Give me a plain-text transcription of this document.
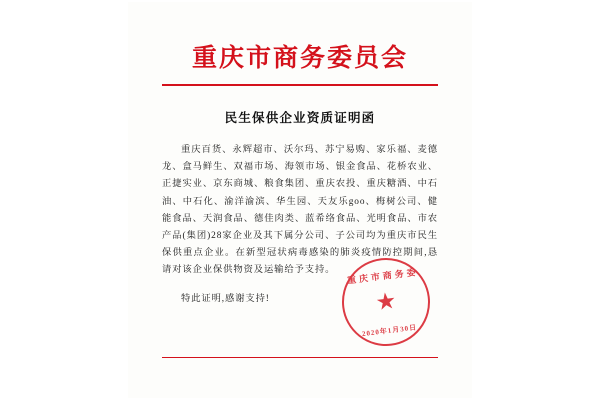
重庆市商务委员会
民生保供企业资质证明函

重庆百货、永辉超市、沃尔玛、苏宁易购、家乐福、麦德龙、盒马鲜生、双福市场、海领市场、银金食品、花桥农业、正捷实业、京东商城、粮食集团、重庆农投、重庆糖酒、中石油、中石化、渝洋渝滨、华生园、天友乐goo、梅树公司、健能食品、天润食品、德佳肉类、蓝希络食品、光明食品、市农产品(集团)28家企业及其下属分公司、子公司均为重庆市民生保供重点企业。在新型冠状病毒感染的肺炎疫情防控期间,恳请对该企业保供物资及运输给予支持。

特此证明,感谢支持!

重庆市商务委
★
2020年1月30日
